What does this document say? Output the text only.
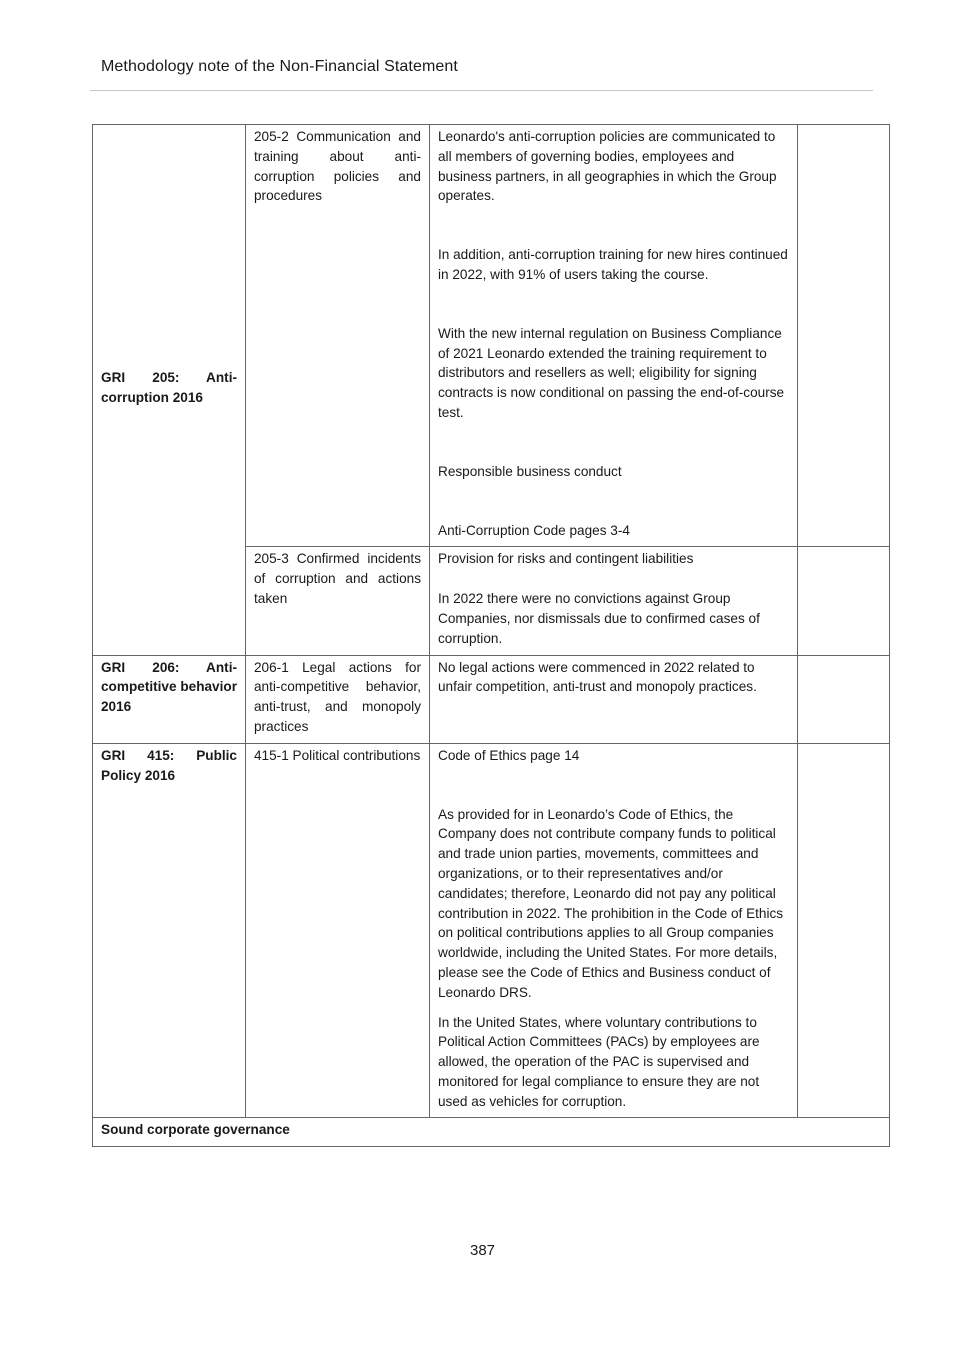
Methodology note of the Non-Financial Statement
GRI 205: Anti-corruption 2016	205-2 Communication and training about anti-corruption policies and procedures	Leonardo's anti-corruption policies are communicated to all members of governing bodies, employees and business partners, in all geographies in which the Group operates.

In addition, anti-corruption training for new hires continued in 2022, with 91% of users taking the course.

With the new internal regulation on Business Compliance of 2021 Leonardo extended the training requirement to distributors and resellers as well; eligibility for signing contracts is now conditional on passing the end-of-course test.

Responsible business conduct

Anti-Corruption Code pages 3-4	

	205-3 Confirmed incidents of corruption and actions taken	Provision for risks and contingent liabilities

In 2022 there were no convictions against Group Companies, nor dismissals due to confirmed cases of corruption.	

GRI 206: Anti-competitive behavior 2016	206-1 Legal actions for anti-competitive behavior, anti-trust, and monopoly practices	No legal actions were commenced in 2022 related to unfair competition, anti-trust and monopoly practices.	

GRI 415: Public Policy 2016	415-1 Political contributions	Code of Ethics page 14

As provided for in Leonardo’s Code of Ethics, the Company does not contribute company funds to political and trade union parties, movements, committees and organizations, or to their representatives and/or candidates; therefore, Leonardo did not pay any political contribution in 2022. The prohibition in the Code of Ethics on political contributions applies to all Group companies worldwide, including the United States. For more details, please see the Code of Ethics and Business conduct of Leonardo DRS.

In the United States, where voluntary contributions to Political Action Committees (PACs) by employees are allowed, the operation of the PAC is supervised and monitored for legal compliance to ensure they are not used as vehicles for corruption.	

Sound corporate governance			
387
